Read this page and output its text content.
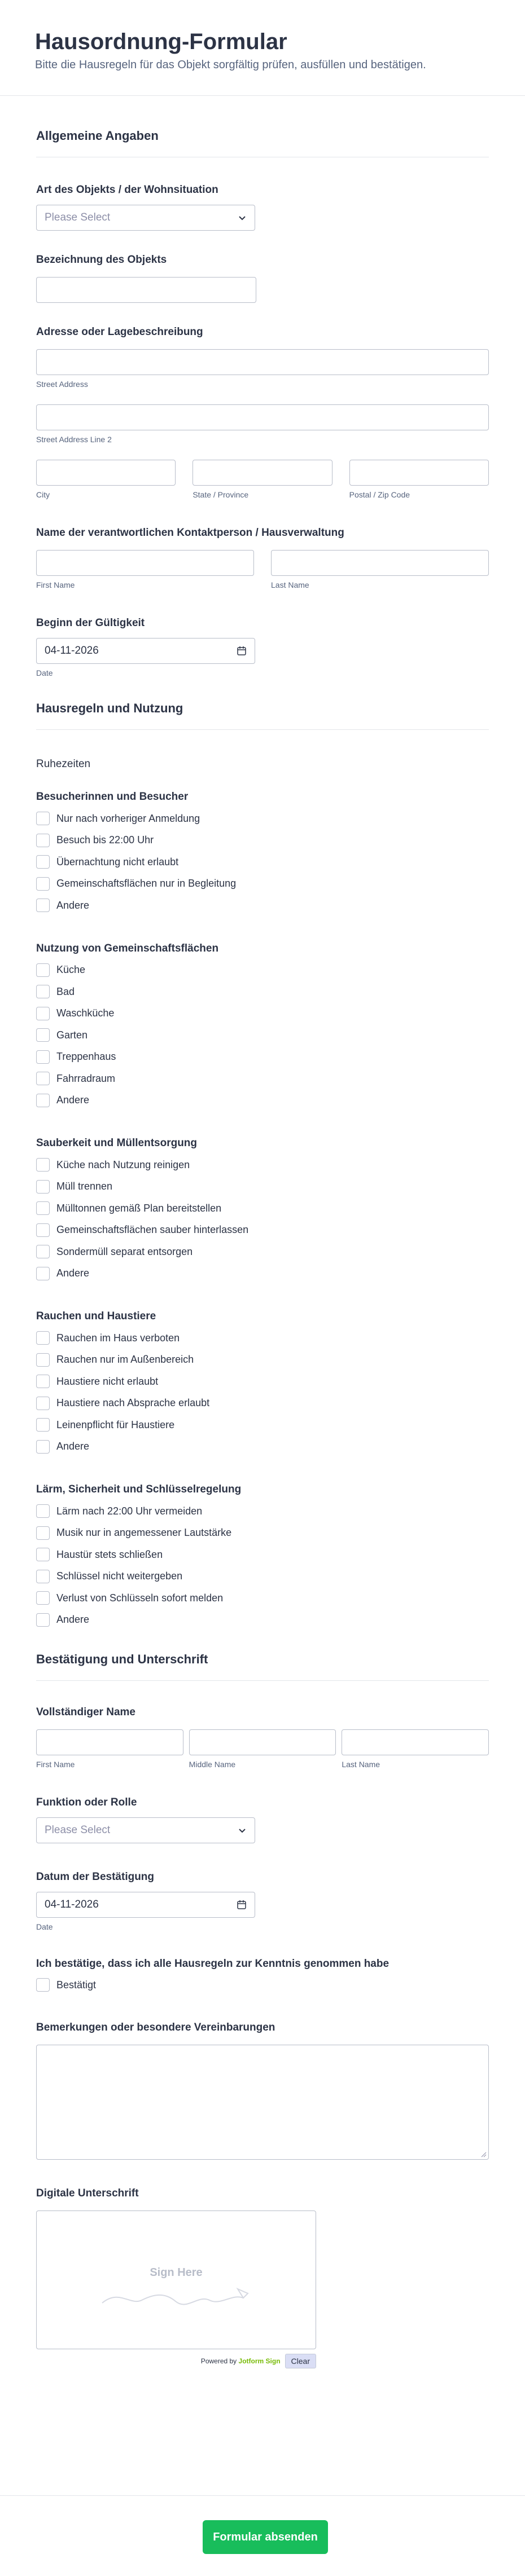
Hausordnung-Formular

Bitte die Hausregeln für das Objekt sorgfältig prüfen, ausfüllen und bestätigen.

Allgemeine Angaben
Art des Objekts / der Wohnsituation
Please Select
Bezeichnung des Objekts
Adresse oder Lagebeschreibung
Street Address
Street Address Line 2
City	State / Province	Postal / Zip Code
Name der verantwortlichen Kontaktperson / Hausverwaltung
First Name	Last Name
Beginn der Gültigkeit
04-11-2026
Date
Hausregeln und Nutzung
Ruhezeiten
Besucherinnen und Besucher
Nur nach vorheriger Anmeldung
Besuch bis 22:00 Uhr
Übernachtung nicht erlaubt
Gemeinschaftsflächen nur in Begleitung
Andere
Nutzung von Gemeinschaftsflächen
Küche
Bad
Waschküche
Garten
Treppenhaus
Fahrradraum
Andere
Sauberkeit und Müllentsorgung
Küche nach Nutzung reinigen
Müll trennen
Mülltonnen gemäß Plan bereitstellen
Gemeinschaftsflächen sauber hinterlassen
Sondermüll separat entsorgen
Andere
Rauchen und Haustiere
Rauchen im Haus verboten
Rauchen nur im Außenbereich
Haustiere nicht erlaubt
Haustiere nach Absprache erlaubt
Leinenpflicht für Haustiere
Andere
Lärm, Sicherheit und Schlüsselregelung
Lärm nach 22:00 Uhr vermeiden
Musik nur in angemessener Lautstärke
Haustür stets schließen
Schlüssel nicht weitergeben
Verlust von Schlüsseln sofort melden
Andere
Bestätigung und Unterschrift
Vollständiger Name
First Name	Middle Name	Last Name
Funktion oder Rolle
Please Select
Datum der Bestätigung
04-11-2026
Date
Ich bestätige, dass ich alle Hausregeln zur Kenntnis genommen habe
Bestätigt
Bemerkungen oder besondere Vereinbarungen
Digitale Unterschrift
Sign Here
Powered by Jotform Sign	Clear
Formular absenden
